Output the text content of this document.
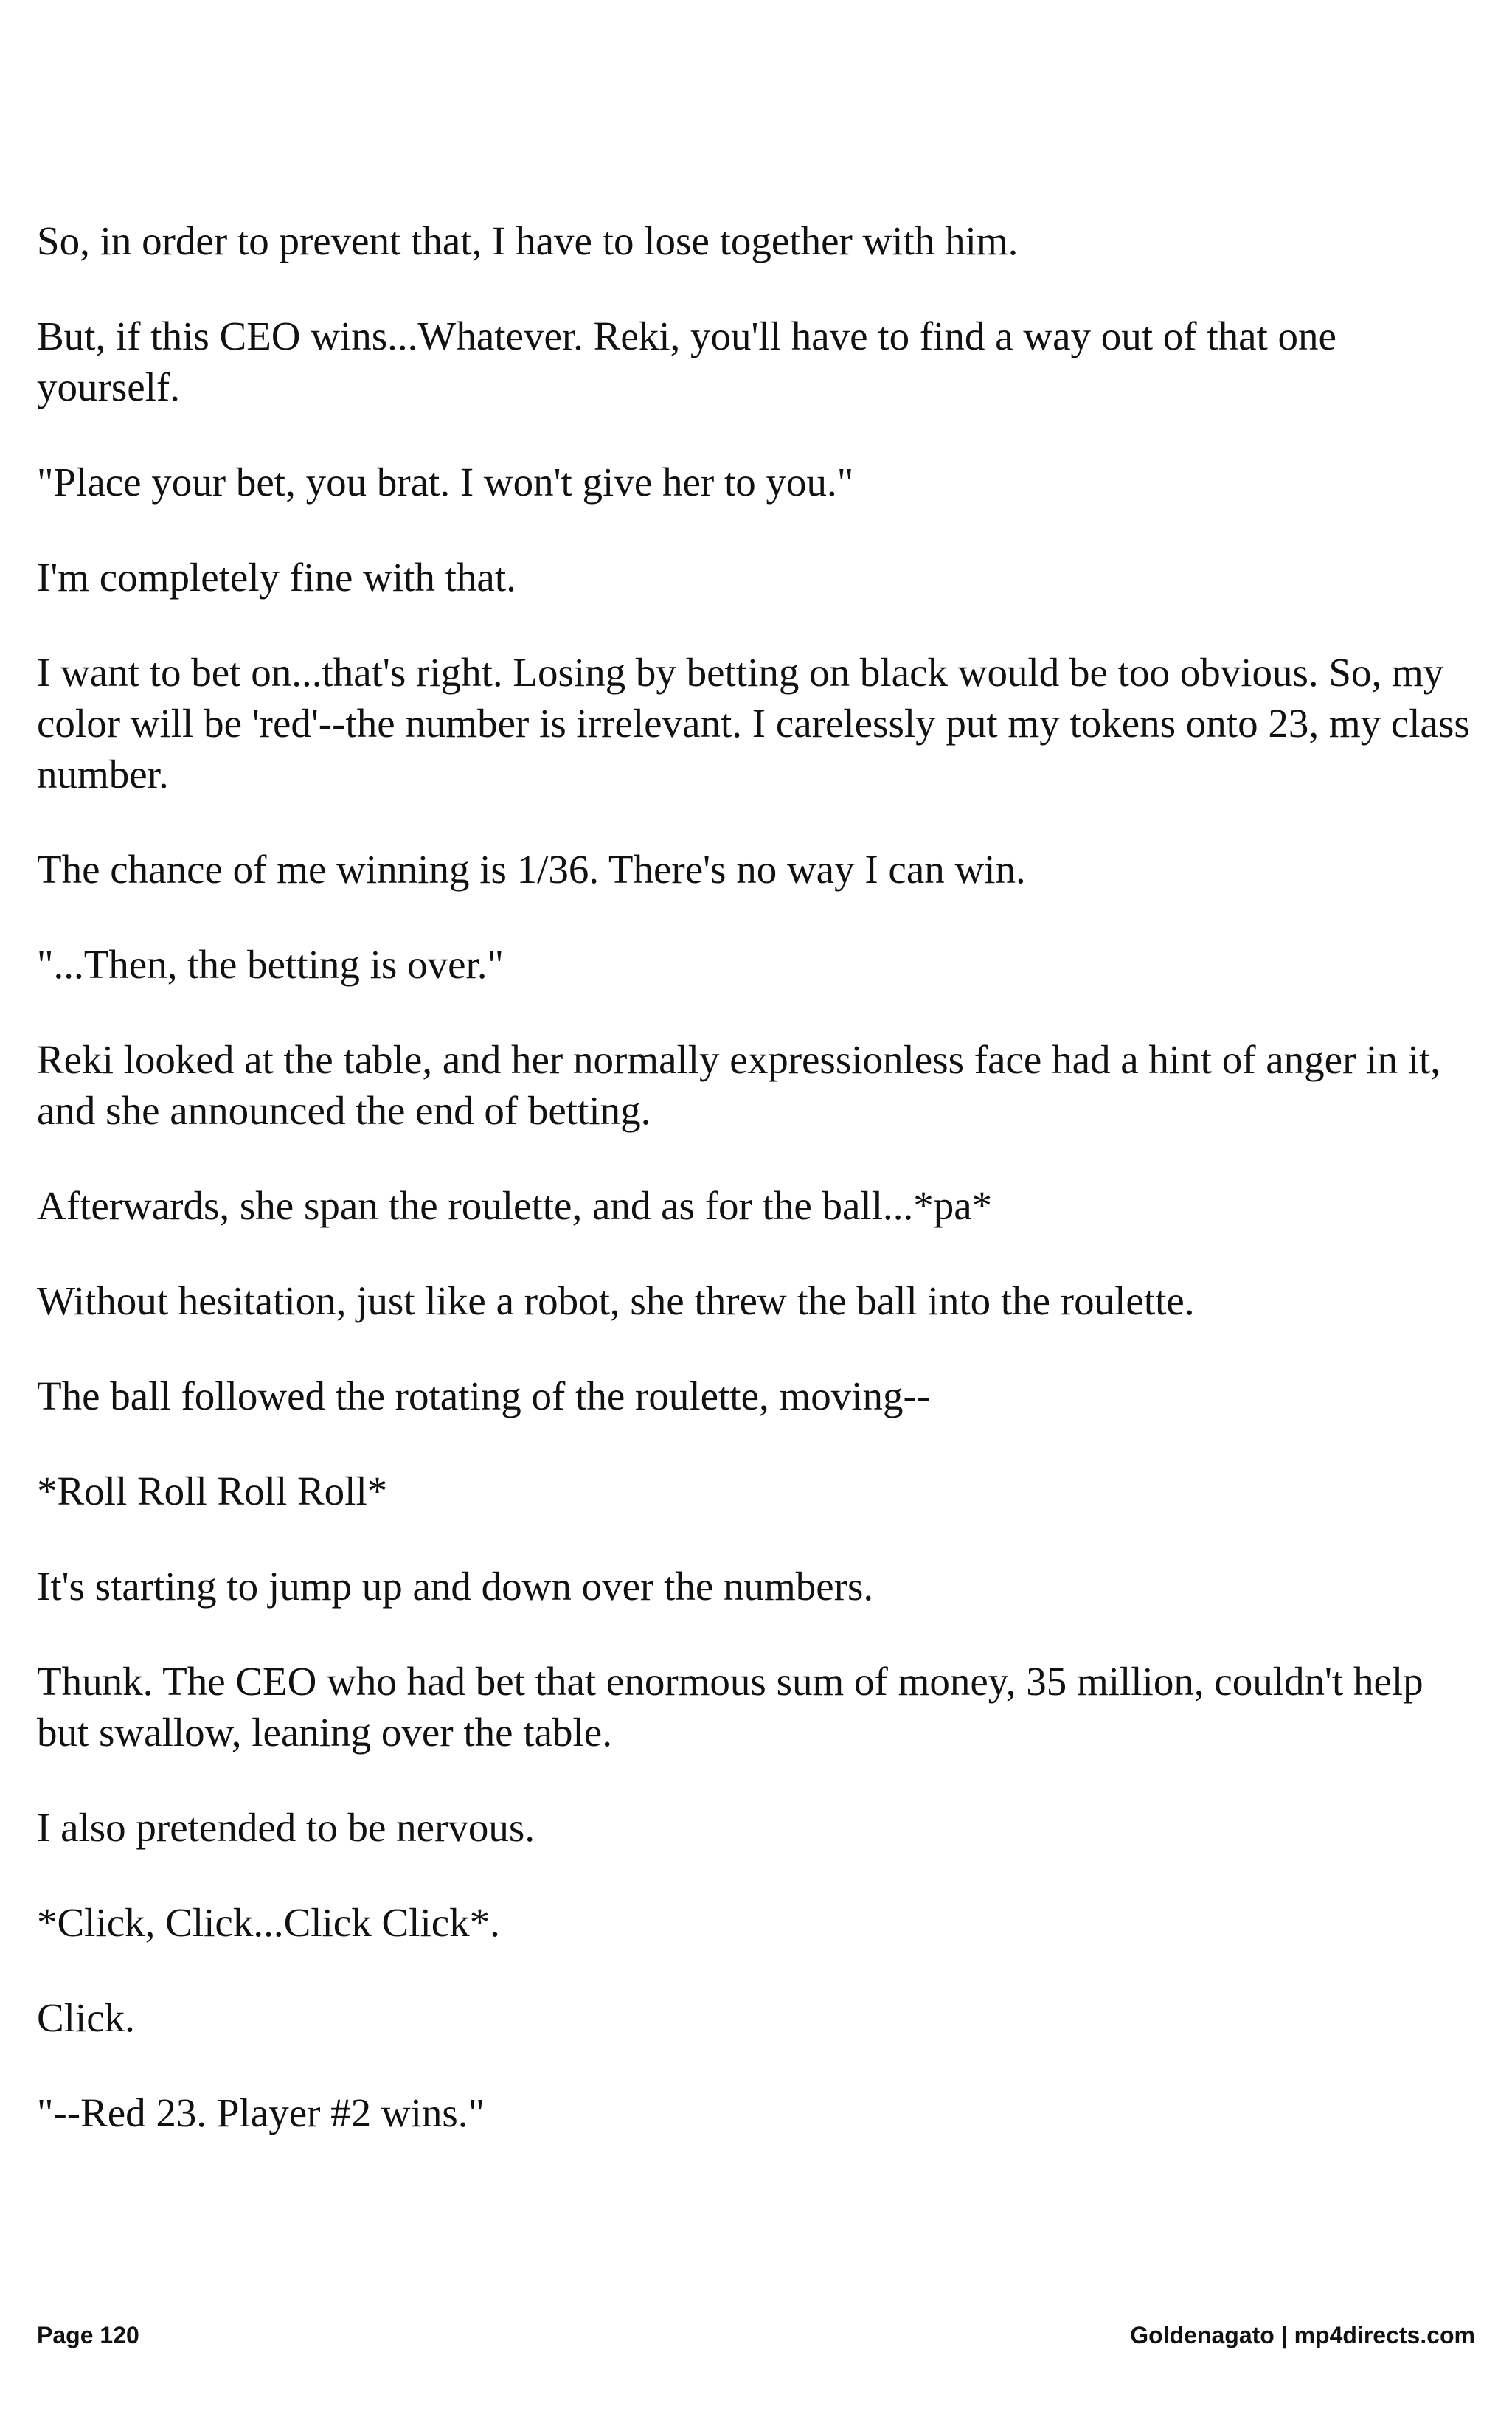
So, in order to prevent that, I have to lose together with him.

But, if this CEO wins...Whatever. Reki, you'll have to find a way out of that one yourself.

"Place your bet, you brat. I won't give her to you."

I'm completely fine with that.

I want to bet on...that's right. Losing by betting on black would be too obvious. So, my color will be 'red'--the number is irrelevant. I carelessly put my tokens onto 23, my class number.

The chance of me winning is 1/36. There's no way I can win.

"...Then, the betting is over."

Reki looked at the table, and her normally expressionless face had a hint of anger in it, and she announced the end of betting.

Afterwards, she span the roulette, and as for the ball...*pa*

Without hesitation, just like a robot, she threw the ball into the roulette.

The ball followed the rotating of the roulette, moving--

*Roll Roll Roll Roll*

It's starting to jump up and down over the numbers.

Thunk. The CEO who had bet that enormous sum of money, 35 million, couldn't help but swallow, leaning over the table.

I also pretended to be nervous.

*Click, Click...Click Click*.

Click.

"--Red 23. Player #2 wins."

Page 120	Goldenagato | mp4directs.com
